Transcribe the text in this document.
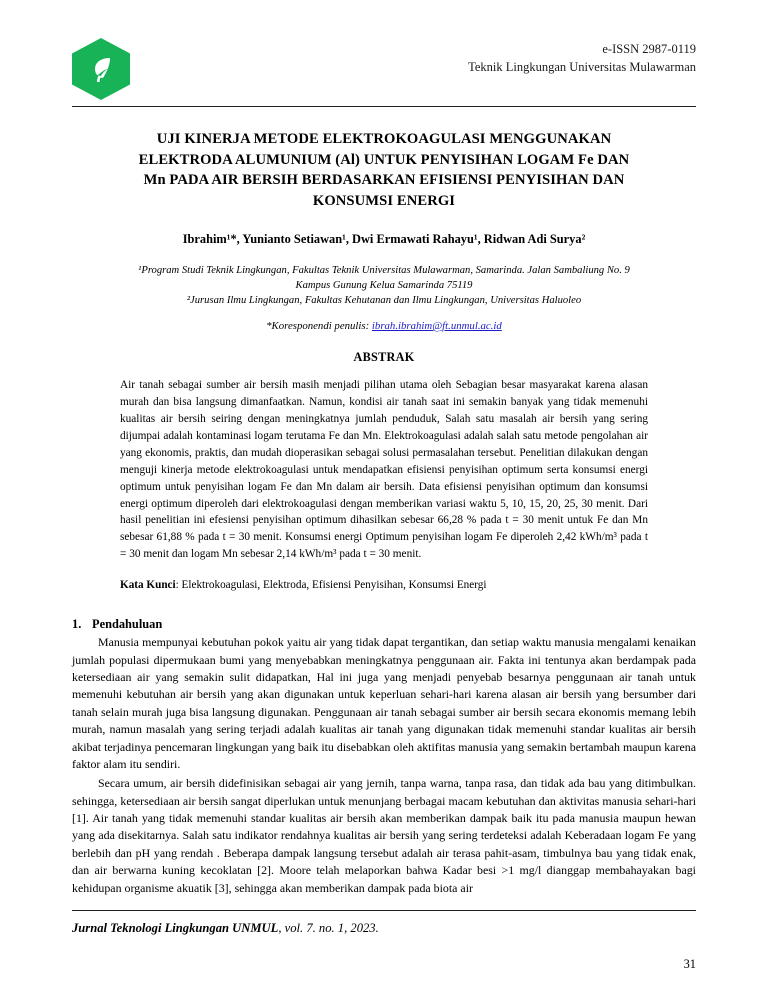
e-ISSN 2987-0119
Teknik Lingkungan Universitas Mulawarman
UJI KINERJA METODE ELEKTROKOAGULASI MENGGUNAKAN
ELEKTRODA ALUMUNIUM (Al) UNTUK PENYISIHAN LOGAM Fe DAN
Mn PADA AIR BERSIH BERDASARKAN EFISIENSI PENYISIHAN DAN
KONSUMSI ENERGI
Ibrahim¹*, Yunianto Setiawan¹, Dwi Ermawati Rahayu¹, Ridwan Adi Surya²
¹Program Studi Teknik Lingkungan, Fakultas Teknik Universitas Mulawarman, Samarinda. Jalan Sambaliung No. 9
Kampus Gunung Kelua Samarinda 75119
²Jurusan Ilmu Lingkungan, Fakultas Kehutanan dan Ilmu Lingkungan, Universitas Haluoleo
*Koresponendi penulis: ibrah.ibrahim@ft.unmul.ac.id
ABSTRAK
Air tanah sebagai sumber air bersih masih menjadi pilihan utama oleh Sebagian besar masyarakat karena alasan murah dan bisa langsung dimanfaatkan. Namun, kondisi air tanah saat ini semakin banyak yang tidak memenuhi kualitas air bersih seiring dengan meningkatnya jumlah penduduk, Salah satu masalah air bersih yang sering dijumpai adalah kontaminasi logam terutama Fe dan Mn. Elektrokoagulasi adalah salah satu metode pengolahan air yang ekonomis, praktis, dan mudah dioperasikan sebagai solusi permasalahan tersebut. Penelitian dilakukan dengan menguji kinerja metode elektrokoagulasi untuk mendapatkan efisiensi penyisihan optimum serta konsumsi energi optimum untuk penyisihan logam Fe dan Mn dalam air bersih. Data efisiensi penyisihan optimum dan konsumsi energi optimum diperoleh dari elektrokoagulasi dengan memberikan variasi waktu 5, 10, 15, 20, 25, 30 menit. Dari hasil penelitian ini efesiensi penyisihan optimum dihasilkan sebesar 66,28 % pada t = 30 menit untuk Fe dan Mn sebesar 61,88 % pada t = 30 menit. Konsumsi energi Optimum penyisihan logam Fe diperoleh 2,42 kWh/m³ pada t = 30 menit dan logam Mn sebesar 2,14 kWh/m³ pada t = 30 menit.
Kata Kunci: Elektrokoagulasi, Elektroda, Efisiensi Penyisihan, Konsumsi Energi
1. Pendahuluan

Manusia mempunyai kebutuhan pokok yaitu air yang tidak dapat tergantikan, dan setiap waktu manusia mengalami kenaikan jumlah populasi dipermukaan bumi yang menyebabkan meningkatnya penggunaan air. Fakta ini tentunya akan berdampak pada ketersediaan air yang semakin sulit didapatkan, Hal ini juga yang menjadi penyebab besarnya penggunaan air tanah untuk memenuhi kebutuhan air bersih yang akan digunakan untuk keperluan sehari-hari karena alasan air bersih yang bersumber dari tanah selain murah juga bisa langsung digunakan. Penggunaan air tanah sebagai sumber air bersih secara ekonomis memang lebih murah, namun masalah yang sering terjadi adalah kualitas air tanah yang digunakan tidak memenuhi standar kualitas air bersih akibat terjadinya pencemaran lingkungan yang baik itu disebabkan oleh aktifitas manusia yang semakin bertambah maupun karena faktor alam itu sendiri.

Secara umum, air bersih didefinisikan sebagai air yang jernih, tanpa warna, tanpa rasa, dan tidak ada bau yang ditimbulkan. sehingga, ketersediaan air bersih sangat diperlukan untuk menunjang berbagai macam kebutuhan dan aktivitas manusia sehari-hari [1]. Air tanah yang tidak memenuhi standar kualitas air bersih akan memberikan dampak baik itu pada manusia maupun hewan yang ada disekitarnya. Salah satu indikator rendahnya kualitas air bersih yang sering terdeteksi adalah Keberadaan logam Fe yang berlebih dan pH yang rendah . Beberapa dampak langsung tersebut adalah air terasa pahit-asam, timbulnya bau yang tidak enak, dan air berwarna kuning kecoklatan [2]. Moore telah melaporkan bahwa Kadar besi >1 mg/l dianggap membahayakan bagi kehidupan organisme akuatik [3], sehingga akan memberikan dampak pada biota air

Jurnal Teknologi Lingkungan UNMUL, vol. 7. no. 1, 2023.
31
